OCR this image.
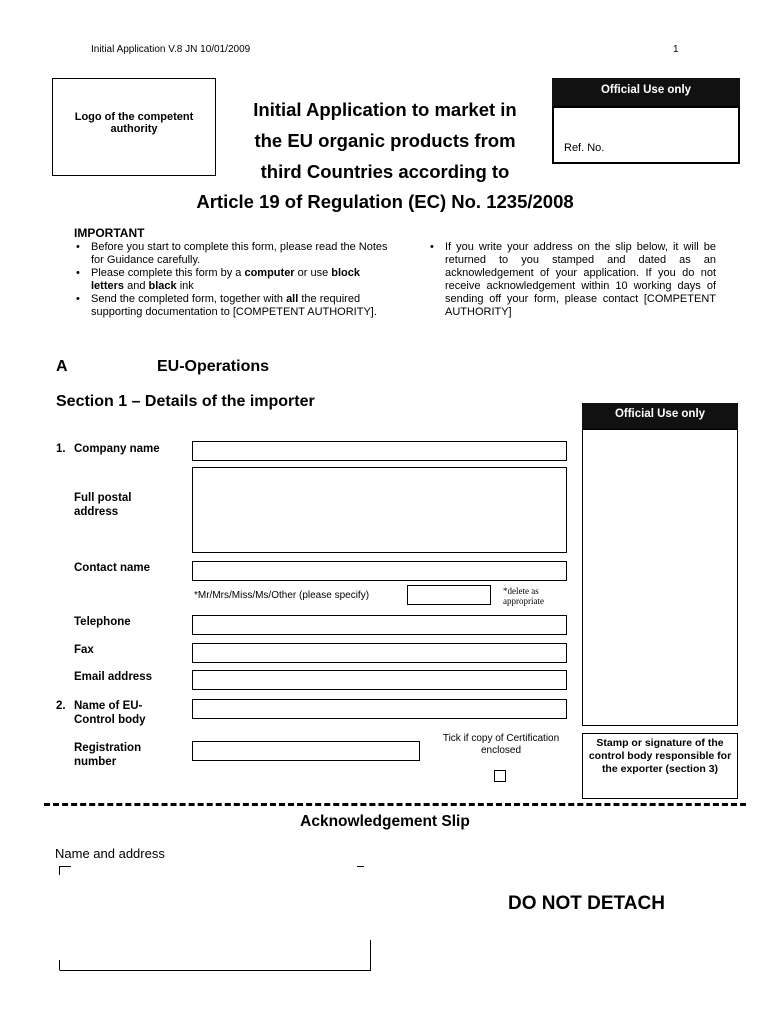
Initial Application V.8 JN 10/01/2009	1
Logo of the competent authority
Initial Application to market in
the EU organic products from
third Countries according to
Article 19 of Regulation (EC) No. 1235/2008
Official Use only
Ref. No.
IMPORTANT
• Before you start to complete this form, please read the Notes for Guidance carefully.
• Please complete this form by a computer or use block letters and black ink
• Send the completed form, together with all the required supporting documentation to [COMPETENT AUTHORITY].
• If you write your address on the slip below, it will be returned to you stamped and dated as an acknowledgement of your application. If you do not receive acknowledgement within 10 working days of sending off your form, please contact [COMPETENT AUTHORITY]
A	EU-Operations
Section 1 – Details of the importer
Official Use only
Stamp or signature of the control body responsible for the exporter (section 3)
1. Company name
Full postal address
Contact name
*Mr/Mrs/Miss/Ms/Other (please specify)	*delete as appropriate
Telephone
Fax
Email address
2. Name of EU-Control body
Registration number
Tick if copy of Certification enclosed
Acknowledgement Slip
Name and address
DO NOT DETACH
